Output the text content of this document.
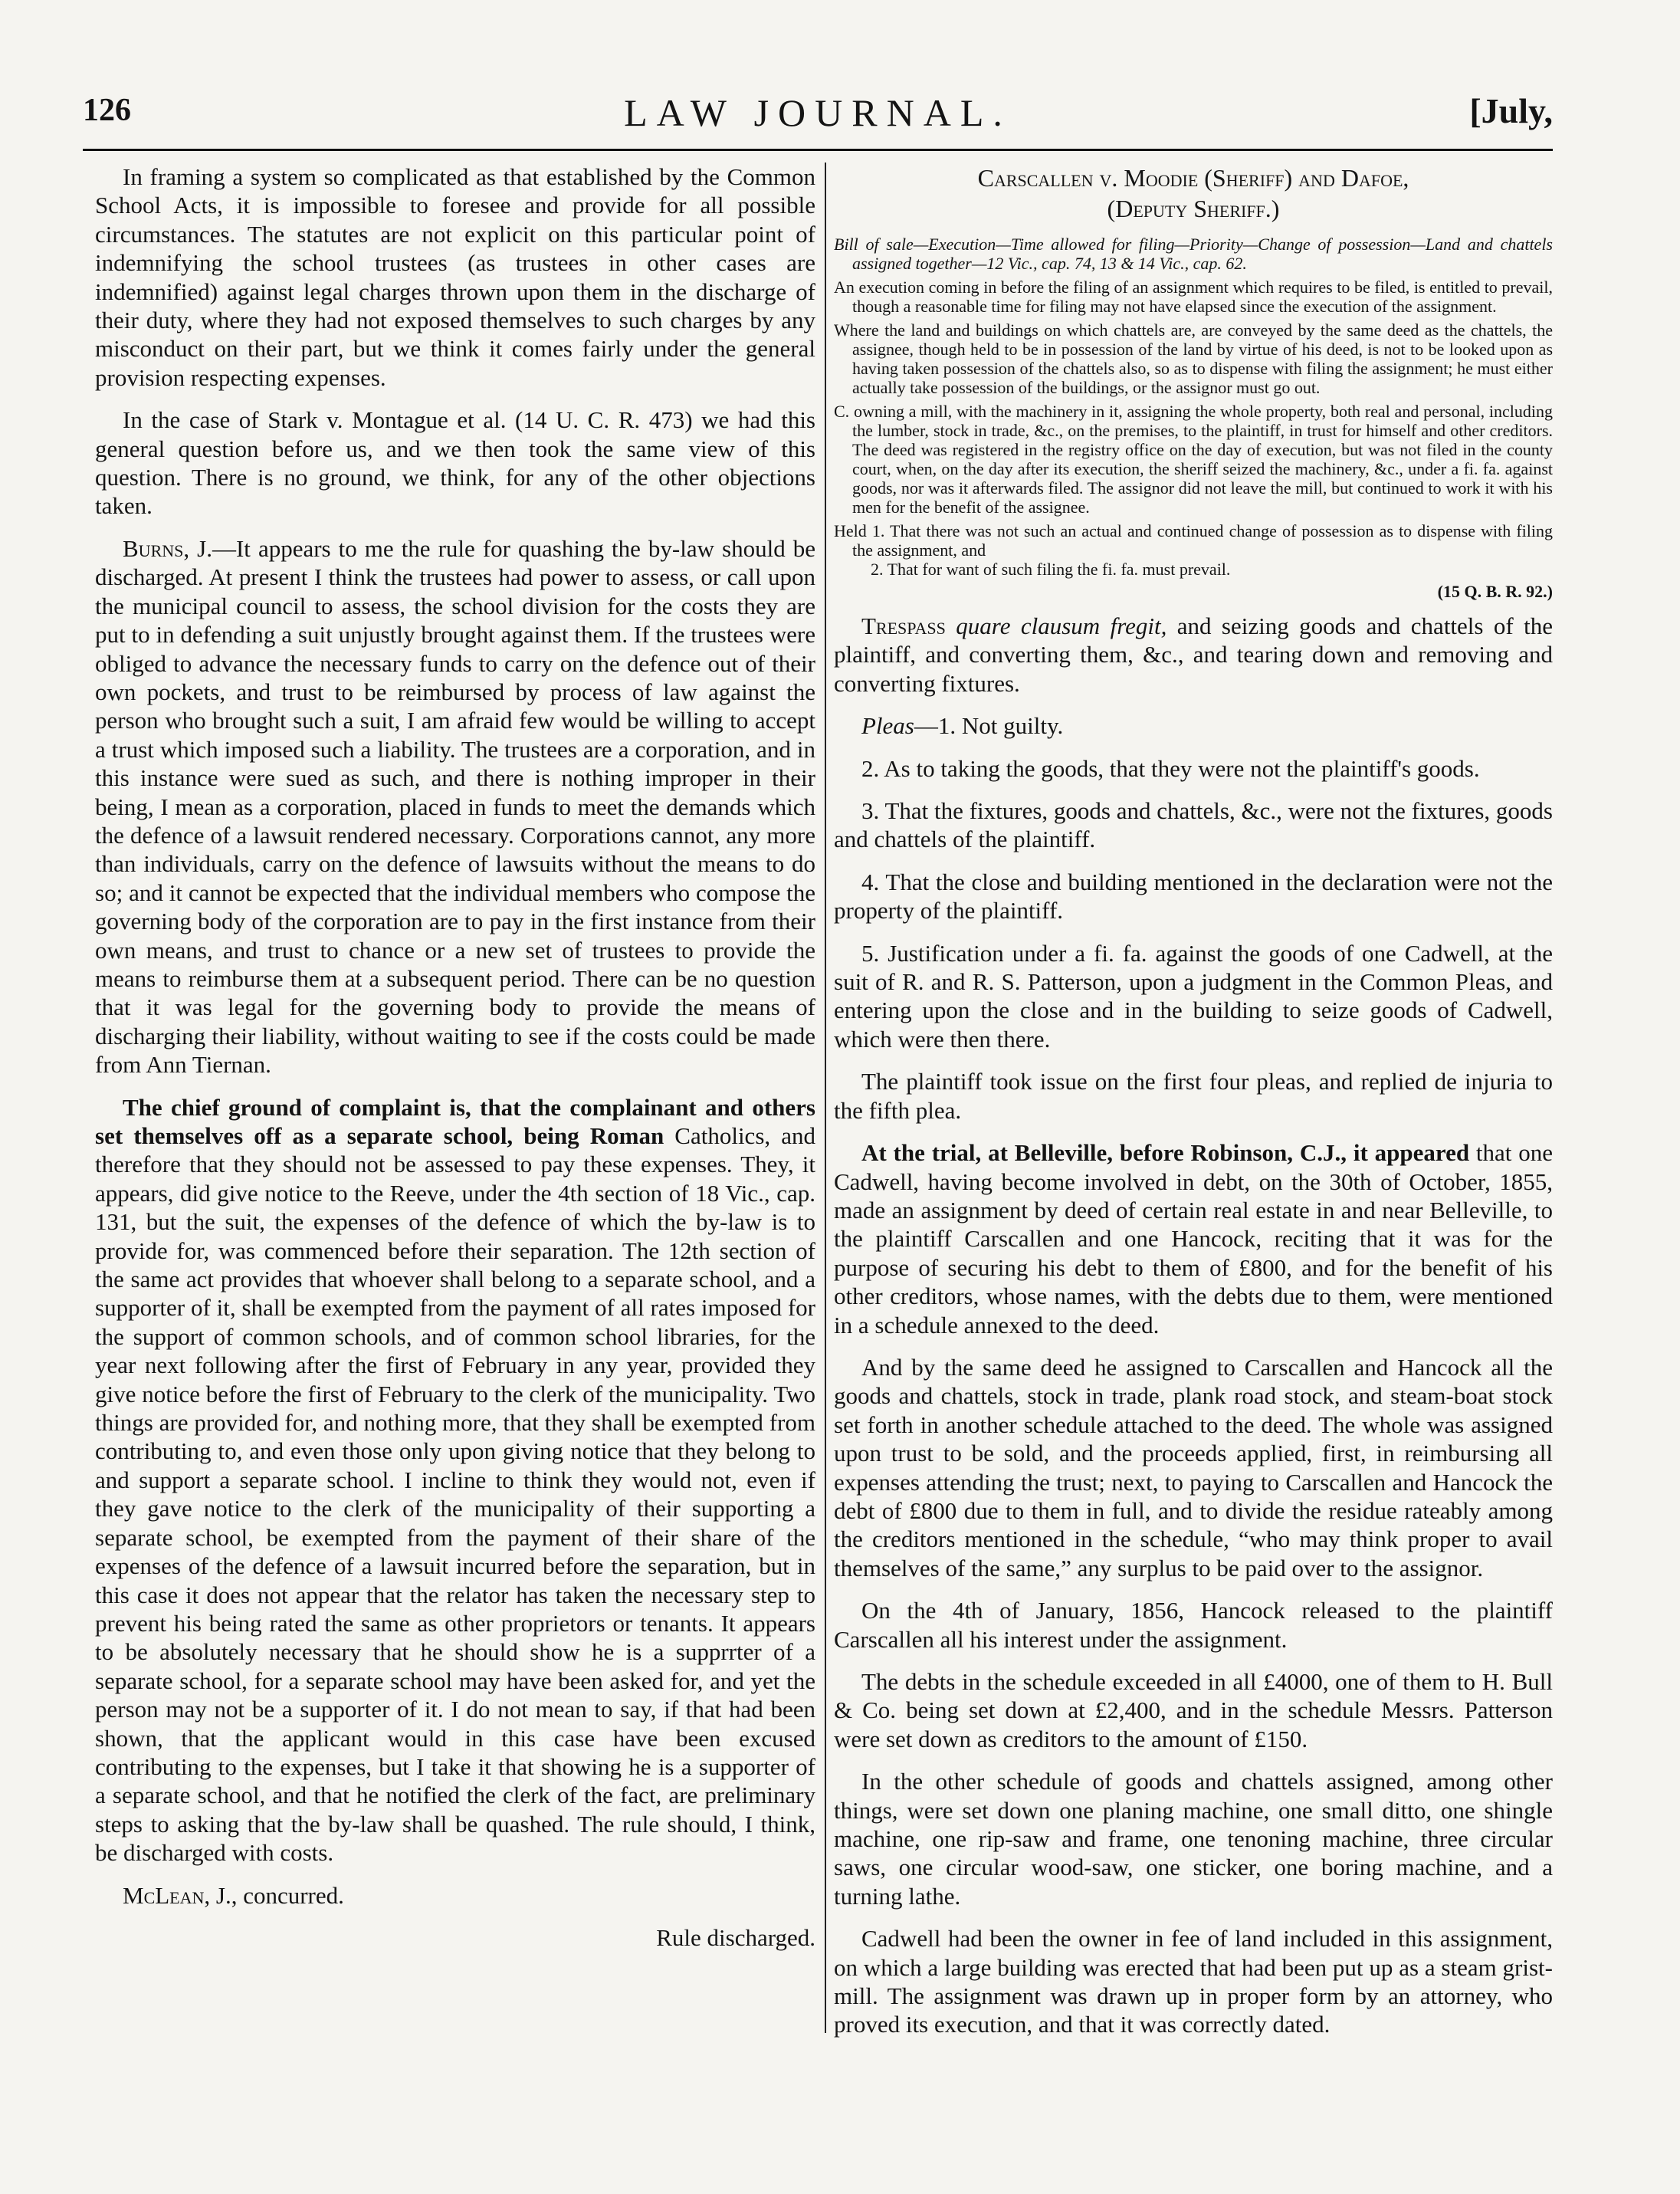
126	LAW JOURNAL.	[July,

In framing a system so complicated as that established by the Common School Acts, it is impossible to foresee and provide for all possible circumstances. The statutes are not explicit on this particular point of indemnifying the school trustees (as trustees in other cases are indemnified) against legal charges thrown upon them in the discharge of their duty, where they had not exposed themselves to such charges by any misconduct on their part, but we think it comes fairly under the general provision respecting expenses.

In the case of Stark v. Montague et al. (14 U. C. R. 473) we had this general question before us, and we then took the same view of this question. There is no ground, we think, for any of the other objections taken.

Burns, J.—It appears to me the rule for quashing the by-law should be discharged. At present I think the trustees had power to assess, or call upon the municipal council to assess, the school division for the costs they are put to in defending a suit unjustly brought against them. If the trustees were obliged to advance the necessary funds to carry on the defence out of their own pockets, and trust to be reimbursed by process of law against the person who brought such a suit, I am afraid few would be willing to accept a trust which imposed such a liability. The trustees are a corporation, and in this instance were sued as such, and there is nothing improper in their being, I mean as a corporation, placed in funds to meet the demands which the defence of a lawsuit rendered necessary. Corporations cannot, any more than individuals, carry on the defence of lawsuits without the means to do so; and it cannot be expected that the individual members who compose the governing body of the corporation are to pay in the first instance from their own means, and trust to chance or a new set of trustees to provide the means to reimburse them at a subsequent period. There can be no question that it was legal for the governing body to provide the means of discharging their liability, without waiting to see if the costs could be made from Ann Tiernan.

The chief ground of complaint is, that the complainant and others set themselves off as a separate school, being Roman Catholics, and therefore that they should not be assessed to pay these expenses. They, it appears, did give notice to the Reeve, under the 4th section of 18 Vic., cap. 131, but the suit, the expenses of the defence of which the by-law is to provide for, was commenced before their separation. The 12th section of the same act provides that whoever shall belong to a separate school, and a supporter of it, shall be exempted from the payment of all rates imposed for the support of common schools, and of common school libraries, for the year next following after the first of February in any year, provided they give notice before the first of February to the clerk of the municipality. Two things are provided for, and nothing more, that they shall be exempted from contributing to, and even those only upon giving notice that they belong to and support a separate school. I incline to think they would not, even if they gave notice to the clerk of the municipality of their supporting a separate school, be exempted from the payment of their share of the expenses of the defence of a lawsuit incurred before the separation, but in this case it does not appear that the relator has taken the necessary step to prevent his being rated the same as other proprietors or tenants. It appears to be absolutely necessary that he should show he is a supprrter of a separate school, for a separate school may have been asked for, and yet the person may not be a supporter of it. I do not mean to say, if that had been shown, that the applicant would in this case have been excused contributing to the expenses, but I take it that showing he is a supporter of a separate school, and that he notified the clerk of the fact, are preliminary steps to asking that the by-law shall be quashed. The rule should, I think, be discharged with costs.

McLean, J., concurred.

Rule discharged.

Carscallen v. Moodie (Sheriff) and Dafoe,
(Deputy Sheriff.)
Bill of sale—Execution—Time allowed for filing—Priority—Change of possession—Land and chattels assigned together—12 Vic., cap. 74, 13 & 14 Vic., cap. 62.
An execution coming in before the filing of an assignment which requires to be filed, is entitled to prevail, though a reasonable time for filing may not have elapsed since the execution of the assignment.
Where the land and buildings on which chattels are, are conveyed by the same deed as the chattels, the assignee, though held to be in possession of the land by virtue of his deed, is not to be looked upon as having taken possession of the chattels also, so as to dispense with filing the assignment; he must either actually take possession of the buildings, or the assignor must go out.
C. owning a mill, with the machinery in it, assigning the whole property, both real and personal, including the lumber, stock in trade, &c., on the premises, to the plaintiff, in trust for himself and other creditors. The deed was registered in the registry office on the day of execution, but was not filed in the county court, when, on the day after its execution, the sheriff seized the machinery, &c., under a fi. fa. against goods, nor was it afterwards filed. The assignor did not leave the mill, but continued to work it with his men for the benefit of the assignee.
Held 1. That there was not such an actual and continued change of possession as to dispense with filing the assignment, and
2. That for want of such filing the fi. fa. must prevail.
(15 Q. B. R. 92.)

Trespass quare clausum fregit, and seizing goods and chattels of the plaintiff, and converting them, &c., and tearing down and removing and converting fixtures.

Pleas—1. Not guilty.

2. As to taking the goods, that they were not the plaintiff's goods.

3. That the fixtures, goods and chattels, &c., were not the fixtures, goods and chattels of the plaintiff.

4. That the close and building mentioned in the declaration were not the property of the plaintiff.

5. Justification under a fi. fa. against the goods of one Cadwell, at the suit of R. and R. S. Patterson, upon a judgment in the Common Pleas, and entering upon the close and in the building to seize goods of Cadwell, which were then there.

The plaintiff took issue on the first four pleas, and replied de injuria to the fifth plea.

At the trial, at Belleville, before Robinson, C.J., it appeared that one Cadwell, having become involved in debt, on the 30th of October, 1855, made an assignment by deed of certain real estate in and near Belleville, to the plaintiff Carscallen and one Hancock, reciting that it was for the purpose of securing his debt to them of £800, and for the benefit of his other creditors, whose names, with the debts due to them, were mentioned in a schedule annexed to the deed.

And by the same deed he assigned to Carscallen and Hancock all the goods and chattels, stock in trade, plank road stock, and steam-boat stock set forth in another schedule attached to the deed. The whole was assigned upon trust to be sold, and the proceeds applied, first, in reimbursing all expenses attending the trust; next, to paying to Carscallen and Hancock the debt of £800 due to them in full, and to divide the residue rateably among the creditors mentioned in the schedule, “who may think proper to avail themselves of the same,” any surplus to be paid over to the assignor.

On the 4th of January, 1856, Hancock released to the plaintiff Carscallen all his interest under the assignment.

The debts in the schedule exceeded in all £4000, one of them to H. Bull & Co. being set down at £2,400, and in the schedule Messrs. Patterson were set down as creditors to the amount of £150.

In the other schedule of goods and chattels assigned, among other things, were set down one planing machine, one small ditto, one shingle machine, one rip-saw and frame, one tenoning machine, three circular saws, one circular wood-saw, one sticker, one boring machine, and a turning lathe.

Cadwell had been the owner in fee of land included in this assignment, on which a large building was erected that had been put up as a steam grist-mill. The assignment was drawn up in proper form by an attorney, who proved its execution, and that it was correctly dated.
